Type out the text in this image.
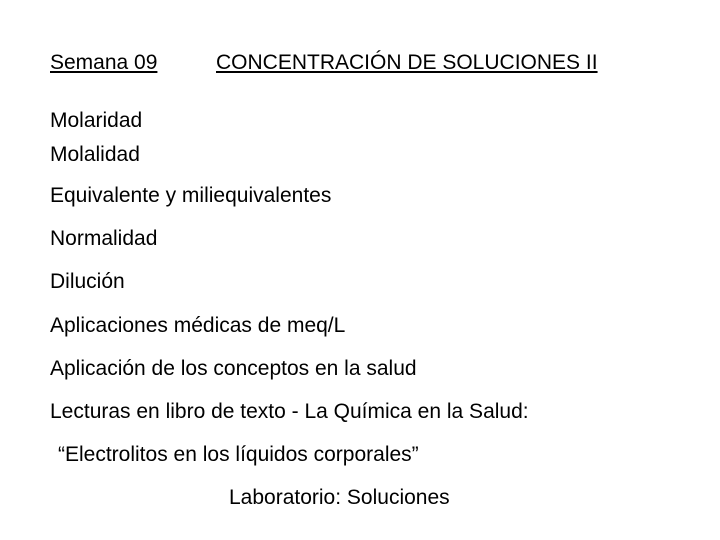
Semana 09	CONCENTRACIÓN DE SOLUCIONES II
Molaridad
Molalidad
Equivalente y miliequivalentes
Normalidad
Dilución
Aplicaciones médicas de meq/L
Aplicación de los conceptos en la salud
Lecturas en libro de texto - La Química en la Salud:
“Electrolitos en los líquidos corporales”
Laboratorio: Soluciones
